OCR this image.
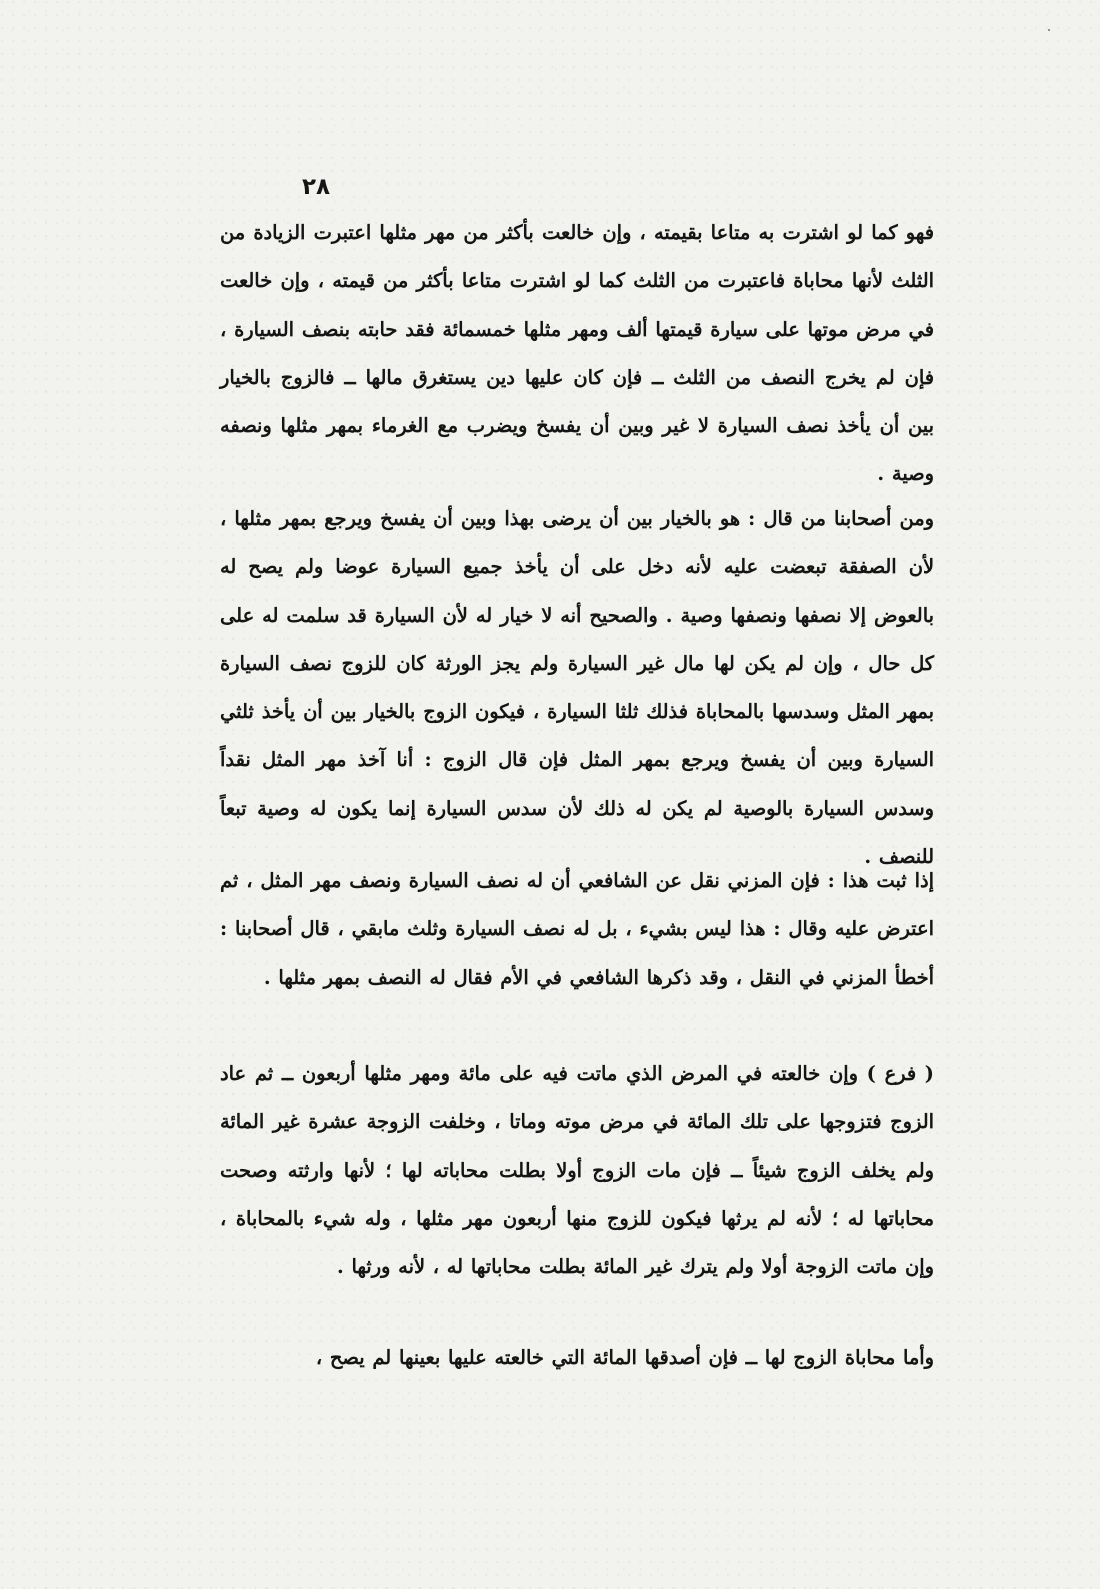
٢٨
فهو كما لو اشترت به متاعا بقيمته ، وإن خالعت بأكثر من مهر مثلها اعتبرت الزيادة من الثلث لأنها محاباة فاعتبرت من الثلث كما لو اشترت متاعا بأكثر من قيمته ، وإن خالعت في مرض موتها على سيارة قيمتها ألف ومهر مثلها خمسمائة فقد حابته بنصف السيارة ، فإن لم يخرج النصف من الثلث ــ فإن كان عليها دين يستغرق مالها ــ فالزوج بالخيار بين أن يأخذ نصف السيارة لا غير وبين أن يفسخ ويضرب مع الغرماء بمهر مثلها ونصفه وصية .
ومن أصحابنا من قال : هو بالخيار بين أن يرضى بهذا وبين أن يفسخ ويرجع بمهر مثلها ، لأن الصفقة تبعضت عليه لأنه دخل على أن يأخذ جميع السيارة عوضا ولم يصح له بالعوض إلا نصفها ونصفها وصية . والصحيح أنه لا خيار له لأن السيارة قد سلمت له على كل حال ، وإن لم يكن لها مال غير السيارة ولم يجز الورثة كان للزوج نصف السيارة بمهر المثل وسدسها بالمحاباة فذلك ثلثا السيارة ، فيكون الزوج بالخيار بين أن يأخذ ثلثي السيارة وبين أن يفسخ ويرجع بمهر المثل فإن قال الزوج : أنا آخذ مهر المثل نقداً وسدس السيارة بالوصية لم يكن له ذلك لأن سدس السيارة إنما يكون له وصية تبعاً للنصف .
إذا ثبت هذا : فإن المزني نقل عن الشافعي أن له نصف السيارة ونصف مهر المثل ، ثم اعترض عليه وقال : هذا ليس بشيء ، بل له نصف السيارة وثلث مابقي ، قال أصحابنا : أخطأ المزني في النقل ، وقد ذكرها الشافعي في الأم فقال له النصف بمهر مثلها .
( فرع ) وإن خالعته في المرض الذي ماتت فيه على مائة ومهر مثلها أربعون ــ ثم عاد الزوج فتزوجها على تلك المائة في مرض موته وماتا ، وخلفت الزوجة عشرة غير المائة ولم يخلف الزوج شيئاً ــ فإن مات الزوج أولا بطلت محاباته لها ؛ لأنها وارثته وصحت محاباتها له ؛ لأنه لم يرثها فيكون للزوج منها أربعون مهر مثلها ، وله شيء بالمحاباة ، وإن ماتت الزوجة أولا ولم يترك غير المائة بطلت محاباتها له ، لأنه ورثها .
وأما محاباة الزوج لها ــ فإن أصدقها المائة التي خالعته عليها بعينها لم يصح ،
